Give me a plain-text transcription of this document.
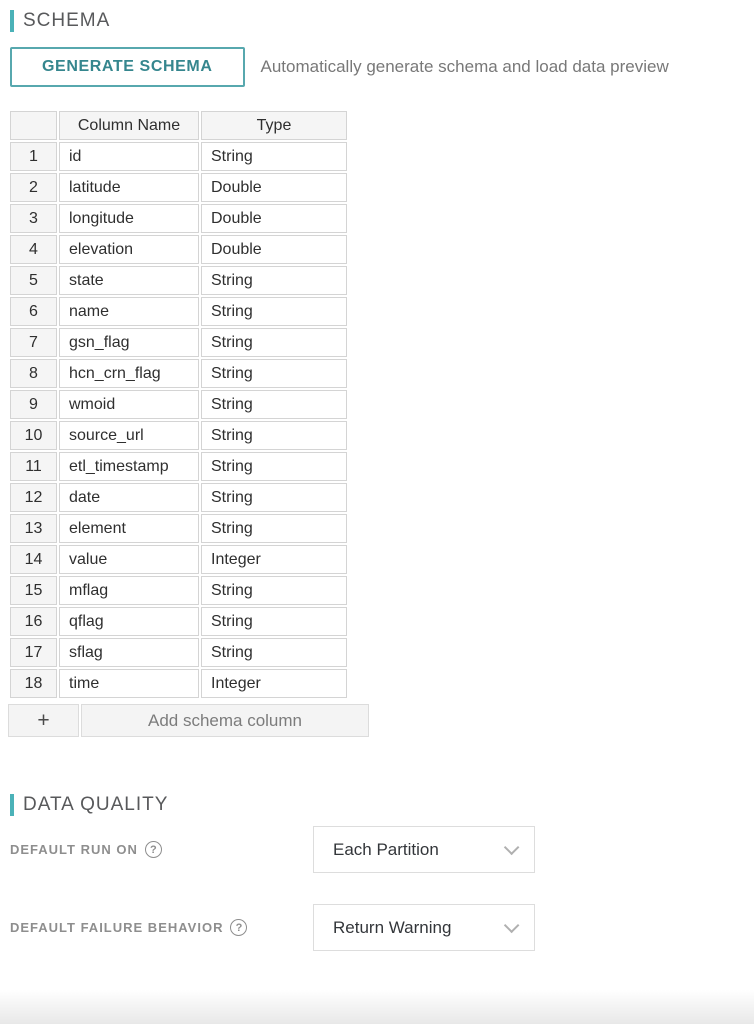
SCHEMA
GENERATE SCHEMA	Automatically generate schema and load data preview
	Column Name	Type
1	id	String
2	latitude	Double
3	longitude	Double
4	elevation	Double
5	state	String
6	name	String
7	gsn_flag	String
8	hcn_crn_flag	String
9	wmoid	String
10	source_url	String
11	etl_timestamp	String
12	date	String
13	element	String
14	value	Integer
15	mflag	String
16	qflag	String
17	sflag	String
18	time	Integer
+	Add schema column
DATA QUALITY
DEFAULT RUN ON	?	Each Partition
DEFAULT FAILURE BEHAVIOR	?	Return Warning
